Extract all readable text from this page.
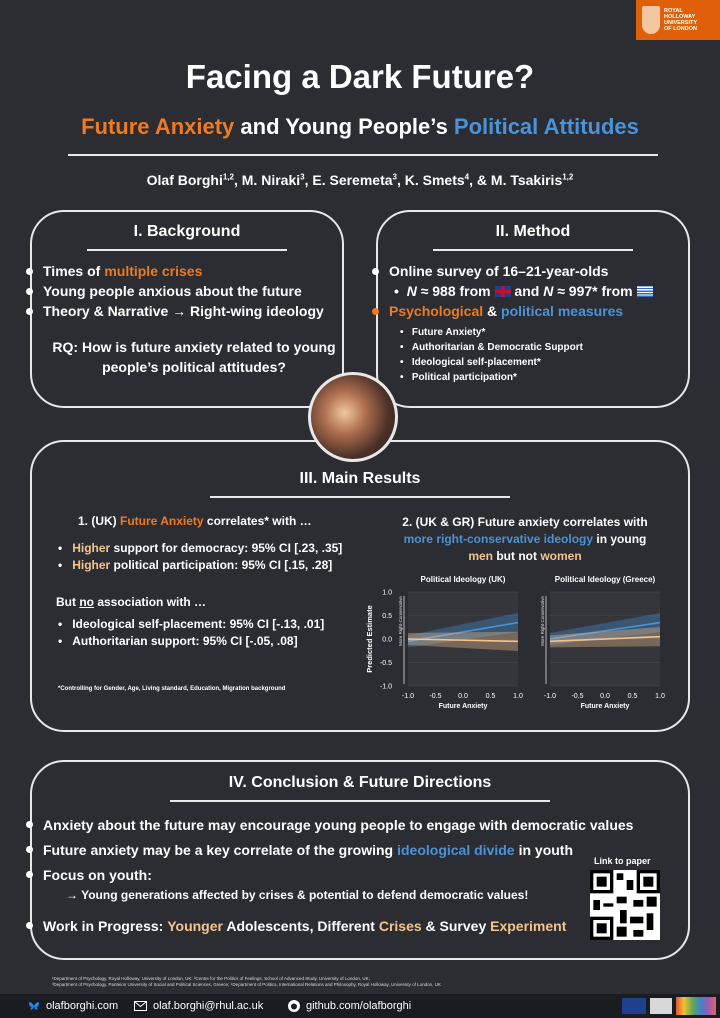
ROYAL
HOLLOWAY
UNIVERSITY
OF LONDON
Facing a Dark Future?
Future Anxiety and Young People’s Political Attitudes
Olaf Borghi$^{1,2}$, M. Niraki$^3$, E. Seremeta$^3$, K. Smets$^4$, & M. Tsakiris$^{1,2}$
I. Background
Times of multiple crises
Young people anxious about the future
Theory & Narrative → Right-wing ideology
RQ: How is future anxiety related to young
people’s political attitudes?
II. Method
Online survey of 16–21-year-olds
•  N ≈ 988 from  and N ≈ 997* from
Psychological & political measures
•   Future Anxiety*
•   Authoritarian & Democratic Support
•   Ideological self-placement*
•   Political participation*
III. Main Results
1. (UK) Future Anxiety correlates* with …
•   Higher support for democracy: 95% CI [.23, .35]
•   Higher political participation: 95% CI [.15, .28]
But no association with …
•   Ideological self-placement: 95% CI [-.13, .01]
•   Authoritarian support: 95% CI [-.05, .08]
*Controlling for Gender, Age, Living standard, Education, Migration background
2. (UK & GR) Future anxiety correlates with
more right-conservative ideology in young
men but not women
Political Ideology (UK)
More Right-Conservative
1.0
0.5
0.0
-0.5
-1.0
Predicted Estimate
-1.0 -0.5 0.0	0.5	1.0
Future Anxiety
Political Ideology (Greece)
More Right-Conservative
-1.0 -0.5 0.0	0.5	1.0
Future Anxiety
IV. Conclusion & Future Directions
Anxiety about the future may encourage young people to engage with democratic values
Future anxiety may be a key correlate of the growing ideological divide in youth
Focus on youth:
→ Young generations affected by crises & potential to defend democratic values!
Work in Progress: Younger Adolescents, Different Crises & Survey Experiment
Link to paper
¹Department of Psychology, Royal Holloway, University of London, UK; ²Centre for the Politics of Feelings, School of Advanced Study, University of London, UK;
³Department of Psychology, Panteion University of Social and Political Sciences, Greece; ⁴Department of Politics, International Relations and Philosophy, Royal Holloway, University of London, UK
olafborghi.com	olaf.borghi@rhul.ac.uk	github.com/olafborghi
